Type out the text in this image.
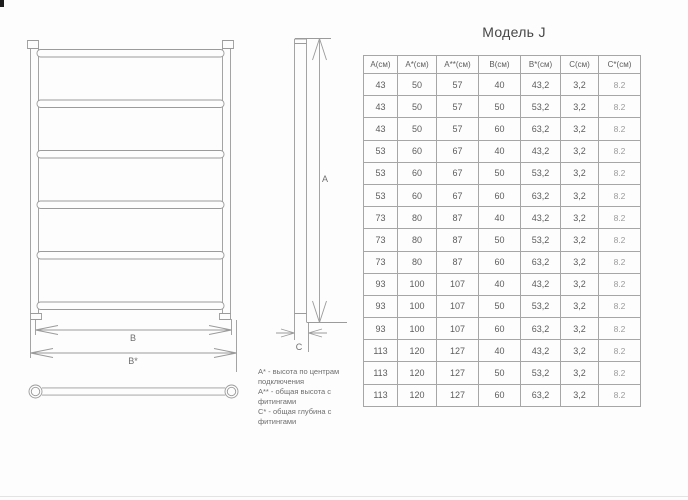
B
B*
A
C
Модель J
А(см)	А*(см)	А**(см)	В(см)	В*(см)	С(см)	С*(см)
43	50	57	40	43,2	3,2	8.2
43	50	57	50	53,2	3,2	8.2
43	50	57	60	63,2	3,2	8.2
53	60	67	40	43,2	3,2	8.2
53	60	67	50	53,2	3,2	8.2
53	60	67	60	63,2	3,2	8.2
73	80	87	40	43,2	3,2	8.2
73	80	87	50	53,2	3,2	8.2
73	80	87	60	63,2	3,2	8.2
93	100	107	40	43,2	3,2	8.2
93	100	107	50	53,2	3,2	8.2
93	100	107	60	63,2	3,2	8.2
113	120	127	40	43,2	3,2	8.2
113	120	127	50	53,2	3,2	8.2
113	120	127	60	63,2	3,2	8.2
А* - высота по центрам подключения
А** - общая высота с фитингами
С* - общая глубина с фитингами
